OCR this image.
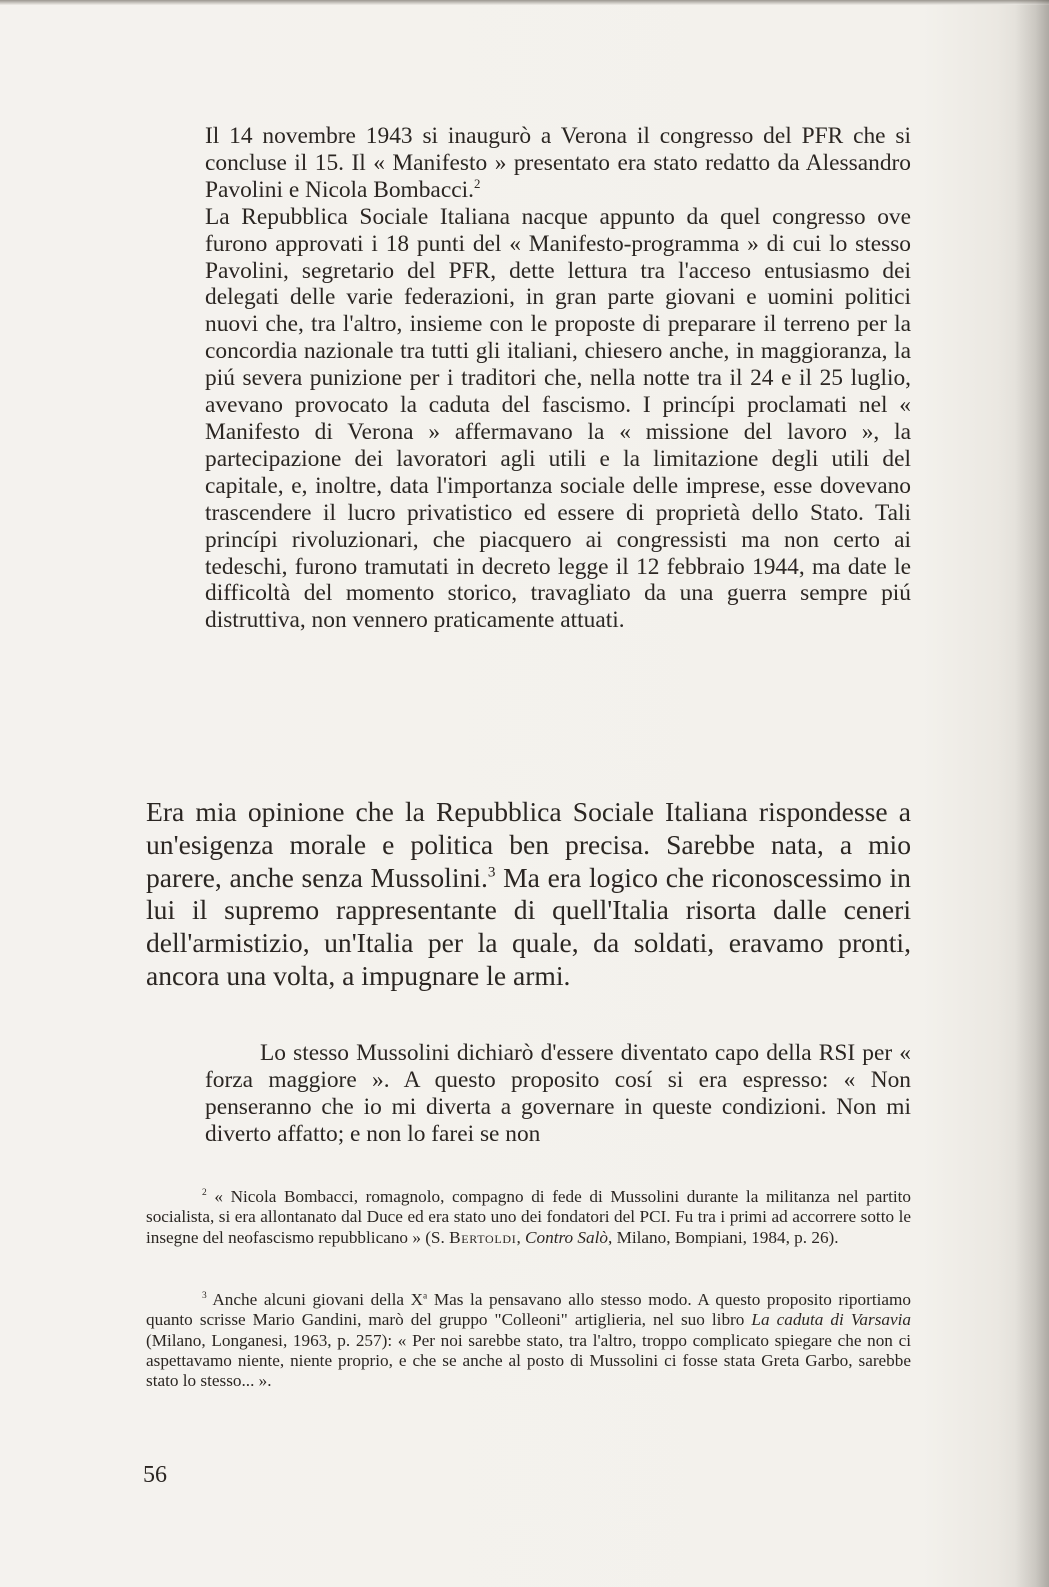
Il 14 novembre 1943 si inaugurò a Verona il congresso del PFR che si concluse il 15. Il « Manifesto » presentato era stato redatto da Alessandro Pavolini e Nicola Bombacci.$^2$

La Repubblica Sociale Italiana nacque appunto da quel congresso ove furono approvati i 18 punti del « Manifesto-programma » di cui lo stesso Pavolini, segretario del PFR, dette lettura tra l'acceso entusiasmo dei delegati delle varie federazioni, in gran parte giovani e uomini politici nuovi che, tra l'altro, insieme con le proposte di preparare il terreno per la concordia nazionale tra tutti gli italiani, chiesero anche, in maggioranza, la piú severa punizione per i traditori che, nella notte tra il 24 e il 25 luglio, avevano provocato la caduta del fascismo. I princípi proclamati nel « Manifesto di Verona » affermavano la « missione del lavoro », la partecipazione dei lavoratori agli utili e la limitazione degli utili del capitale, e, inoltre, data l'importanza sociale delle imprese, esse dovevano trascendere il lucro privatistico ed essere di proprietà dello Stato. Tali princípi rivoluzionari, che piacquero ai congressisti ma non certo ai tedeschi, furono tramutati in decreto legge il 12 febbraio 1944, ma date le difficoltà del momento storico, travagliato da una guerra sempre piú distruttiva, non vennero praticamente attuati.

Era mia opinione che la Repubblica Sociale Italiana rispondesse a un'esigenza morale e politica ben precisa. Sarebbe nata, a mio parere, anche senza Mussolini.$^3$ Ma era logico che riconoscessimo in lui il supremo rappresentante di quell'Italia risorta dalle ceneri dell'armistizio, un'Italia per la quale, da soldati, eravamo pronti, ancora una volta, a impugnare le armi.

Lo stesso Mussolini dichiarò d'essere diventato capo della RSI per « forza maggiore ». A questo proposito cosí si era espresso: « Non penseranno che io mi diverta a governare in queste condizioni. Non mi diverto affatto; e non lo farei se non

$^2$ « Nicola Bombacci, romagnolo, compagno di fede di Mussolini durante la militanza nel partito socialista, si era allontanato dal Duce ed era stato uno dei fondatori del PCI. Fu tra i primi ad accorrere sotto le insegne del neofascismo repubblicano » (S. Bertoldi, Contro Salò, Milano, Bompiani, 1984, p. 26).

$^3$ Anche alcuni giovani della $X^a$ Mas la pensavano allo stesso modo. A questo proposito riportiamo quanto scrisse Mario Gandini, marò del gruppo "Colleoni" artiglieria, nel suo libro La caduta di Varsavia (Milano, Longanesi, 1963, p. 257): « Per noi sarebbe stato, tra l'altro, troppo complicato spiegare che non ci aspettavamo niente, niente proprio, e che se anche al posto di Mussolini ci fosse stata Greta Garbo, sarebbe stato lo stesso... ».

56
